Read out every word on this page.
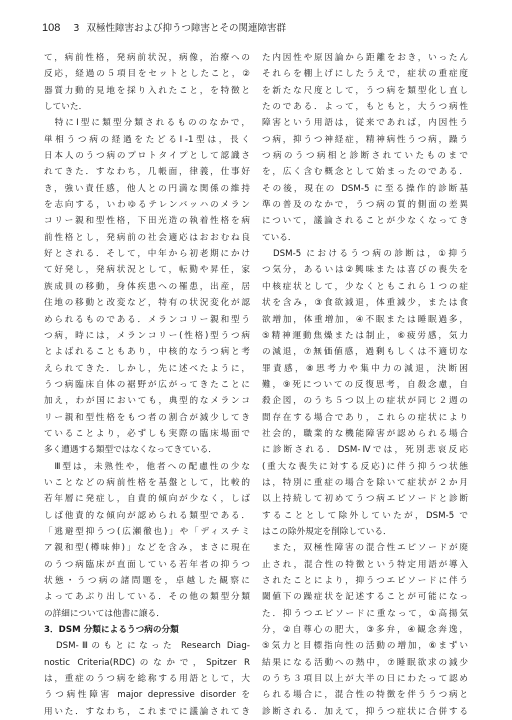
108 3 双極性障害および抑うつ障害とその関連障害群
て，病前性格，発病前状況，病像，治療への
反応，経過の５項目をセットとしたこと，②
器質力動的見地を採り入れたこと，を特徴と
していた．
　特にⅠ型に類型分類されるもののなかで，
単相うつ病の経過をたどるⅠ-1型は，長く
日本人のうつ病のプロトタイプとして認識さ
れてきた．すなわち，几帳面，律義，仕事好
き，強い責任感，他人との円満な関係の維持
を志向する，いわゆるテレンバッハのメラン
コリー親和型性格，下田光造の執着性格を病
前性格とし，発病前の社会適応はおおむね良
好とされる．そして，中年から初老期にかけ
て好発し，発病状況として，転勤や昇任，家
族成員の移動，身体疾患への罹患，出産，居
住地の移動と改変など，特有の状況変化が認
められるものである．メランコリー親和型う
つ病，時には，メランコリー(性格)型うつ病
とよばれることもあり，中核的なうつ病と考
えられてきた．しかし，先に述べたように，
うつ病臨床自体の裾野が広がってきたことに
加え，わが国においても，典型的なメランコ
リー親和型性格をもつ者の割合が減少してき
ていることより，必ずしも実際の臨床場面で
多く遭遇する類型ではなくなってきている．
　Ⅲ型は，未熟性や，他者への配慮性の少な
いことなどの病前性格を基盤として，比較的
若年層に発症し，自責的傾向が少なく，しば
しば他責的な傾向が認められる類型である．
「逃避型抑うつ(広瀬徹也)」や「ディスチミ
ア親和型(樽味伸)」などを含み，まさに現在
のうつ病臨床が直面している若年者の抑うつ
状態・うつ病の諸問題を，卓越した観察に
よってあぶり出している．その他の類型分類
の詳細については他書に譲る．
3．DSM 分類によるうつ病の分類
　DSM-Ⅲのもとになった Research Diag-
nostic Criteria(RDC)のなかで，Spitzer R
は，重症のうつ病を総称する用語として，大
うつ病性障害 major depressive disorder を
用いた．すなわち，これまでに議論されてき
た内因性や原因論から距離をおき，いったん
それらを棚上げにしたうえで，症状の重症度
を新たな尺度として，うつ病を類型化し直し
たのである．よって，もともと，大うつ病性
障害という用語は，従来であれば，内因性う
つ病，抑うつ神経症，精神病性うつ病，躁う
つ病のうつ病相と診断されていたものまで
を，広く含む概念として始まったのである．
その後，現在の DSM-5 に至る操作的診断基
準の普及のなかで，うつ病の質的側面の差異
について，議論されることが少なくなってき
ている．
　DSM-5 におけるうつ病の診断は，①抑う
つ気分，あるいは②興味または喜びの喪失を
中核症状として，少なくともこれら１つの症
状を含み，③食欲減退，体重減少，または食
欲増加，体重増加，④不眠または睡眠過多，
⑤精神運動焦燥または制止，⑥疲労感，気力
の減退，⑦無価値感，過剰もしくは不適切な
罪責感，⑧思考力や集中力の減退，決断困
難，⑨死についての反復思考，自殺念慮，自
殺企図，のうち５つ以上の症状が同じ２週の
間存在する場合であり，これらの症状により
社会的，職業的な機能障害が認められる場合
に診断される．DSM-Ⅳでは，死別悲哀反応
(重大な喪失に対する反応)に伴う抑うつ状態
は，特別に重症の場合を除いて症状が２か月
以上持続して初めてうつ病エピソードと診断
することとして除外していたが，DSM-5 で
はこの除外規定を削除している．
　また，双極性障害の混合性エピソードが廃
止され，混合性の特徴という特定用語が導入
されたことにより，抑うつエピソードに伴う
閾値下の躁症状を記述することが可能になっ
た．抑うつエピソードに重なって，①高揚気
分，②自尊心の肥大，③多弁，④観念奔逸，
⑤気力と目標指向性の活動の増加，⑥まずい
結果になる活動への熱中，⑦睡眠欲求の減少
のうち３項目以上が大半の日にわたって認め
られる場合に，混合性の特徴を伴ううつ病と
診断される．加えて，抑うつ症状に合併する
